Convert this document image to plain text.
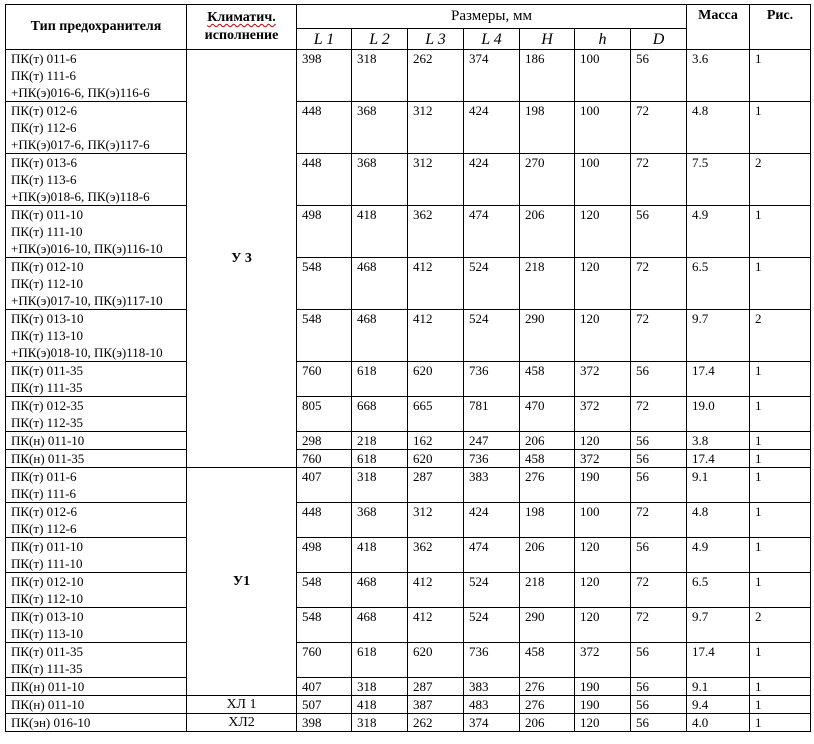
Тип предохранителя	Климатич.
исполнение	Размеры, мм							Масса	Рис.
		L 1	L 2	L 3	L 4	H	h	D		

ПК(т) 011-6
ПК(т) 111-6
+ПК(э)016-6, ПК(э)116-6	У 3	398	318	262	374	186	100	56	3.6	1

ПК(т) 012-6
ПК(т) 112-6
+ПК(э)017-6, ПК(э)117-6		448	368	312	424	198	100	72	4.8	1

ПК(т) 013-6
ПК(т) 113-6
+ПК(э)018-6, ПК(э)118-6		448	368	312	424	270	100	72	7.5	2

ПК(т) 011-10
ПК(т) 111-10
+ПК(э)016-10, ПК(э)116-10		498	418	362	474	206	120	56	4.9	1

ПК(т) 012-10
ПК(т) 112-10
+ПК(э)017-10, ПК(э)117-10		548	468	412	524	218	120	72	6.5	1

ПК(т) 013-10
ПК(т) 113-10
+ПК(э)018-10, ПК(э)118-10		548	468	412	524	290	120	72	9.7	2

ПК(т) 011-35
ПК(т) 111-35		760	618	620	736	458	372	56	17.4	1

ПК(т) 012-35
ПК(т) 112-35		805	668	665	781	470	372	72	19.0	1

ПК(н) 011-10		298	218	162	247	206	120	56	3.8	1

ПК(н) 011-35		760	618	620	736	458	372	56	17.4	1

ПК(т) 011-6
ПК(т) 111-6	У1	407	318	287	383	276	190	56	9.1	1

ПК(т) 012-6
ПК(т) 112-6		448	368	312	424	198	100	72	4.8	1

ПК(т) 011-10
ПК(т) 111-10		498	418	362	474	206	120	56	4.9	1

ПК(т) 012-10
ПК(т) 112-10		548	468	412	524	218	120	72	6.5	1

ПК(т) 013-10
ПК(т) 113-10		548	468	412	524	290	120	72	9.7	2

ПК(т) 011-35
ПК(т) 111-35		760	618	620	736	458	372	56	17.4	1

ПК(н) 011-10		407	318	287	383	276	190	56	9.1	1

ПК(н) 011-10	ХЛ 1	507	418	387	483	276	190	56	9.4	1

ПК(эн) 016-10	ХЛ2	398	318	262	374	206	120	56	4.0	1
